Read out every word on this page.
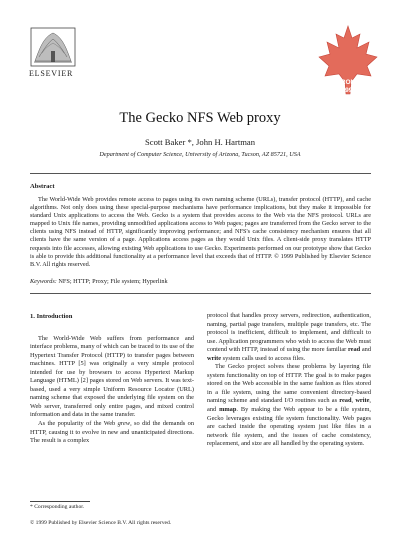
ELSEVIER
TORONTO
'99
The Gecko NFS Web proxy
Scott Baker *, John H. Hartman
Department of Computer Science, University of Arizona, Tucson, AZ 85721, USA
Abstract
The World-Wide Web provides remote access to pages using its own naming scheme (URLs), transfer protocol (HTTP), and cache algorithms. Not only does using these special-purpose mechanisms have performance implications, but they make it impossible for standard Unix applications to access the Web. Gecko is a system that provides access to the Web via the NFS protocol. URLs are mapped to Unix file names, providing unmodified applications access to Web pages; pages are transferred from the Gecko server to the clients using NFS instead of HTTP, significantly improving performance; and NFS's cache consistency mechanism ensures that all clients have the same version of a page. Applications access pages as they would Unix files. A client-side proxy translates HTTP requests into file accesses, allowing existing Web applications to use Gecko. Experiments performed on our prototype show that Gecko is able to provide this additional functionality at a performance level that exceeds that of HTTP. © 1999 Published by Elsevier Science B.V. All rights reserved.
Keywords: NFS; HTTP; Proxy; File system; Hyperlink
1. Introduction

The World-Wide Web suffers from performance and interface problems, many of which can be traced to its use of the Hypertext Transfer Protocol (HTTP) to transfer pages between machines. HTTP [5] was originally a very simple protocol intended for use by browsers to access Hypertext Markup Language (HTML) [2] pages stored on Web servers. It was text-based, used a very simple Uniform Resource Locator (URL) naming scheme that exposed the underlying file system on the Web server, transferred only entire pages, and mixed control information and data in the same transfer.

As the popularity of the Web grew, so did the demands on HTTP, causing it to evolve in new and unanticipated directions. The result is a complex

protocol that handles proxy servers, redirection, authentication, naming, partial page transfers, multiple page transfers, etc. The protocol is inefficient, difficult to implement, and difficult to use. Application programmers who wish to access the Web must contend with HTTP, instead of using the more familiar read and write system calls used to access files.

The Gecko project solves these problems by layering file system functionality on top of HTTP. The goal is to make pages stored on the Web accessible in the same fashion as files stored in a file system, using the same convenient directory-based naming scheme and standard I/O routines such as read, write, and mmap. By making the Web appear to be a file system, Gecko leverages existing file system functionality. Web pages are cached inside the operating system just like files in a network file system, and the issues of cache consistency, replacement, and size are all handled by the operating system.

* Corresponding author.
© 1999 Published by Elsevier Science B.V. All rights reserved.
